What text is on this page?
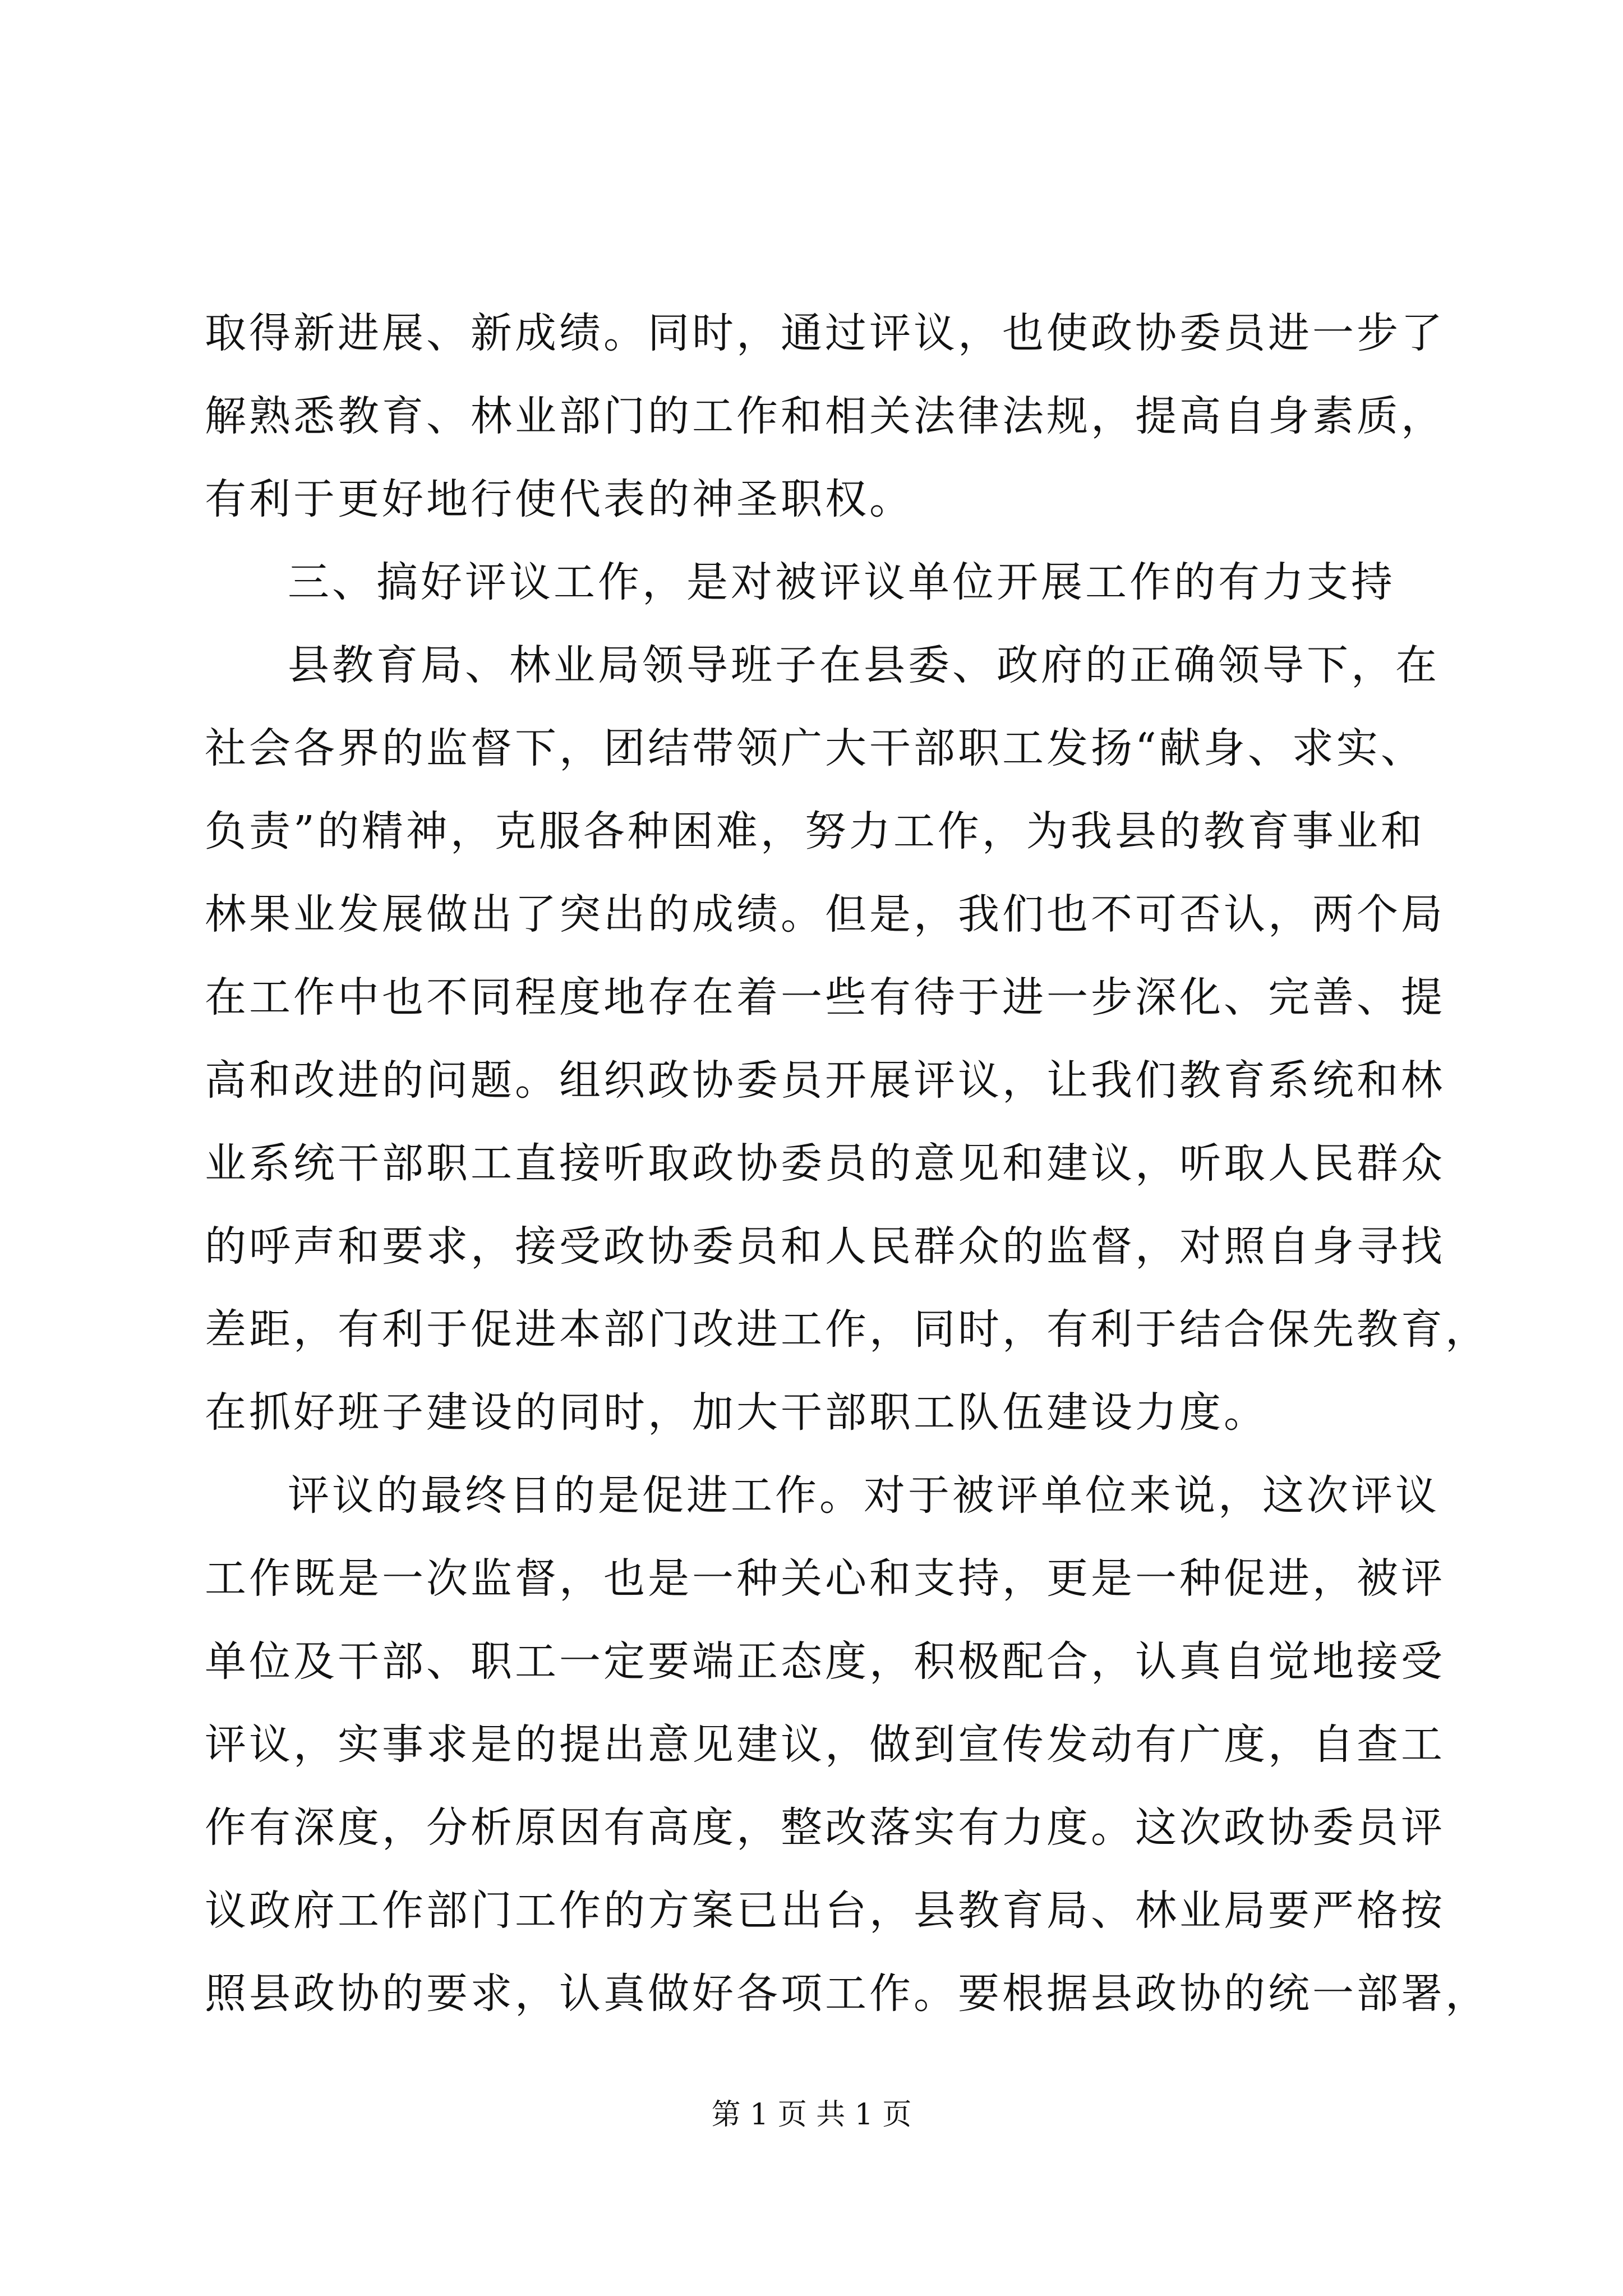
取得新进展、新成绩。同时，通过评议，也使政协委员进一步了
解熟悉教育、林业部门的工作和相关法律法规，提高自身素质，
有利于更好地行使代表的神圣职权。
三、搞好评议工作，是对被评议单位开展工作的有力支持
县教育局、林业局领导班子在县委、政府的正确领导下，在
社会各界的监督下，团结带领广大干部职工发扬“献身、求实、
负责”的精神，克服各种困难，努力工作，为我县的教育事业和
林果业发展做出了突出的成绩。但是，我们也不可否认，两个局
在工作中也不同程度地存在着一些有待于进一步深化、完善、提
高和改进的问题。组织政协委员开展评议，让我们教育系统和林
业系统干部职工直接听取政协委员的意见和建议，听取人民群众
的呼声和要求，接受政协委员和人民群众的监督，对照自身寻找
差距，有利于促进本部门改进工作，同时，有利于结合保先教育，
在抓好班子建设的同时，加大干部职工队伍建设力度。
评议的最终目的是促进工作。对于被评单位来说，这次评议
工作既是一次监督，也是一种关心和支持，更是一种促进，被评
单位及干部、职工一定要端正态度，积极配合，认真自觉地接受
评议，实事求是的提出意见建议，做到宣传发动有广度，自查工
作有深度，分析原因有高度，整改落实有力度。这次政协委员评
议政府工作部门工作的方案已出台，县教育局、林业局要严格按
照县政协的要求，认真做好各项工作。要根据县政协的统一部署，
第 1 页 共 1 页
